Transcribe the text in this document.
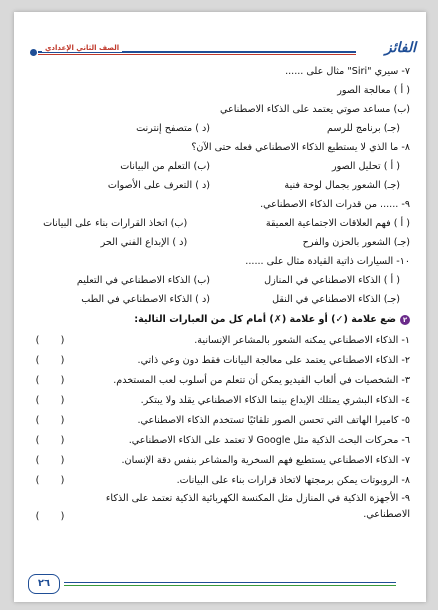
الصف الثاني الإعدادي	الفائز
٧- سيري "Siri" مثال على ......
( أ ) معالجة الصور
(ب) مساعد صوتي يعتمد على الذكاء الاصطناعي
(جـ) برنامج للرسم
(د ) متصفح إنترنت
٨- ما الذي لا يستطيع الذكاء الاصطناعي فعله حتى الآن؟
( أ ) تحليل الصور
(ب) التعلم من البيانات
(جـ) الشعور بجمال لوحة فنية
(د ) التعرف على الأصوات
٩- ...... من قدرات الذكاء الاصطناعي.
( أ ) فهم العلاقات الاجتماعية العميقة
(ب) اتخاذ القرارات بناء على البيانات
(جـ) الشعور بالحزن والفرح
(د ) الإبداع الفني الحر
١٠- السيارات ذاتية القيادة مثال على ......
( أ ) الذكاء الاصطناعي في المنازل
(ب) الذكاء الاصطناعي في التعليم
(جـ) الذكاء الاصطناعي في النقل
(د ) الذكاء الاصطناعي في الطب
٢
ضع علامة (✓) أو علامة (✗) أمام كل من العبارات التالية:
١- الذكاء الاصطناعي يمكنه الشعور بالمشاعر الإنسانية.
(       )
٢- الذكاء الاصطناعي يعتمد على معالجة البيانات فقط دون وعي ذاتي.
(       )
٣- الشخصيات في ألعاب الفيديو يمكن أن تتعلم من أسلوب لعب المستخدم.
(       )
٤- الذكاء البشري يمتلك الإبداع بينما الذكاء الاصطناعي يقلد ولا يبتكر.
(       )
٥- كاميرا الهاتف التي تحسن الصور تلقائيًا تستخدم الذكاء الاصطناعي.
(       )
٦- محركات البحث الذكية مثل Google لا تعتمد على الذكاء الاصطناعي.
(       )
٧- الذكاء الاصطناعي يستطيع فهم السخرية والمشاعر بنفس دقة الإنسان.
(       )
٨- الروبوتات يمكن برمجتها لاتخاذ قرارات بناء على البيانات.
(       )
٩- الأجهزة الذكية في المنازل مثل المكنسة الكهربائية الذكية تعتمد على الذكاء الاصطناعي.
(       )
٢٦
